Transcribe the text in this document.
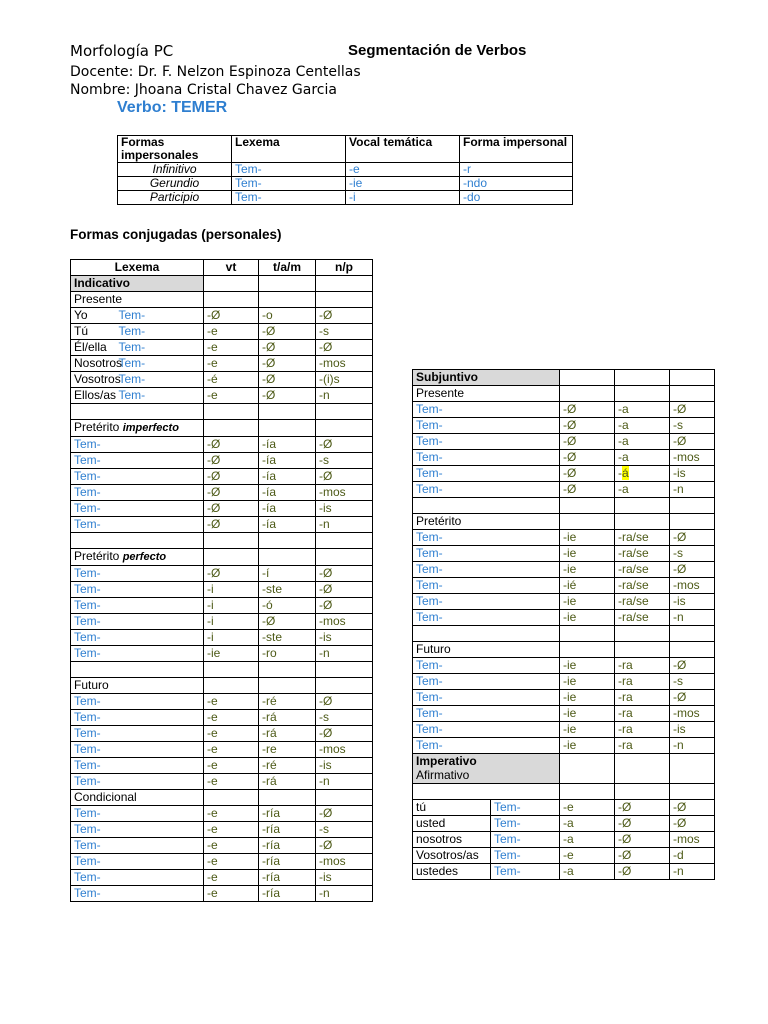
Morfología PC	Segmentación de Verbos
Docente: Dr. F. Nelzon Espinoza Centellas
Nombre: Jhoana Cristal Chavez Garcia
Verbo: TEMER
Formas impersonales	Lexema	Vocal temática	Forma impersonal
Infinitivo	Tem-	-e	-r
Gerundio	Tem-	-ie	-ndo
Participio	Tem-	-i	-do
Formas conjugadas (personales)
Lexema		vt	t/a/m	n/p
Indicativo				
Presente				
Yo	Tem-	-Ø	-o	-Ø
Tú	Tem-	-e	-Ø	-s
Él/ella	Tem-	-e	-Ø	-Ø
Nosotros	Tem-	-e	-Ø	-mos
Vosotros	Tem-	-é	-Ø	-(i)s
Ellos/as	Tem-	-e	-Ø	-n

Pretérito imperfecto				
Tem-		-Ø	-ía	-Ø
Tem-		-Ø	-ía	-s
Tem-		-Ø	-ía	-Ø
Tem-		-Ø	-ía	-mos
Tem-		-Ø	-ía	-is
Tem-		-Ø	-ía	-n

Pretérito perfecto				
Tem-		-Ø	-í	-Ø
Tem-		-i	-ste	-Ø
Tem-		-i	-ó	-Ø
Tem-		-i	-Ø	-mos
Tem-		-i	-ste	-is
Tem-		-ie	-ro	-n

Futuro				
Tem-		-e	-ré	-Ø
Tem-		-e	-rá	-s
Tem-		-e	-rá	-Ø
Tem-		-e	-re	-mos
Tem-		-e	-ré	-is
Tem-		-e	-rá	-n
Condicional				
Tem-		-e	-ría	-Ø
Tem-		-e	-ría	-s
Tem-		-e	-ría	-Ø
Tem-		-e	-ría	-mos
Tem-		-e	-ría	-is
Tem-		-e	-ría	-n
Subjuntivo				
Presente				
Tem-		-Ø	-a	-Ø
Tem-		-Ø	-a	-s
Tem-		-Ø	-a	-Ø
Tem-		-Ø	-a	-mos
Tem-		-Ø	-á	-is
Tem-		-Ø	-a	-n

Pretérito				
Tem-		-ie	-ra/se	-Ø
Tem-		-ie	-ra/se	-s
Tem-		-ie	-ra/se	-Ø
Tem-		-ié	-ra/se	-mos
Tem-		-ie	-ra/se	-is
Tem-		-ie	-ra/se	-n

Futuro				
Tem-		-ie	-ra	-Ø
Tem-		-ie	-ra	-s
Tem-		-ie	-ra	-Ø
Tem-		-ie	-ra	-mos
Tem-		-ie	-ra	-is
Tem-		-ie	-ra	-n

Imperativo
Afirmativo				

tú	Tem-	-e	-Ø	-Ø
usted	Tem-	-a	-Ø	-Ø
nosotros	Tem-	-a	-Ø	-mos
Vosotros/as	Tem-	-e	-Ø	-d
ustedes	Tem-	-a	-Ø	-n
